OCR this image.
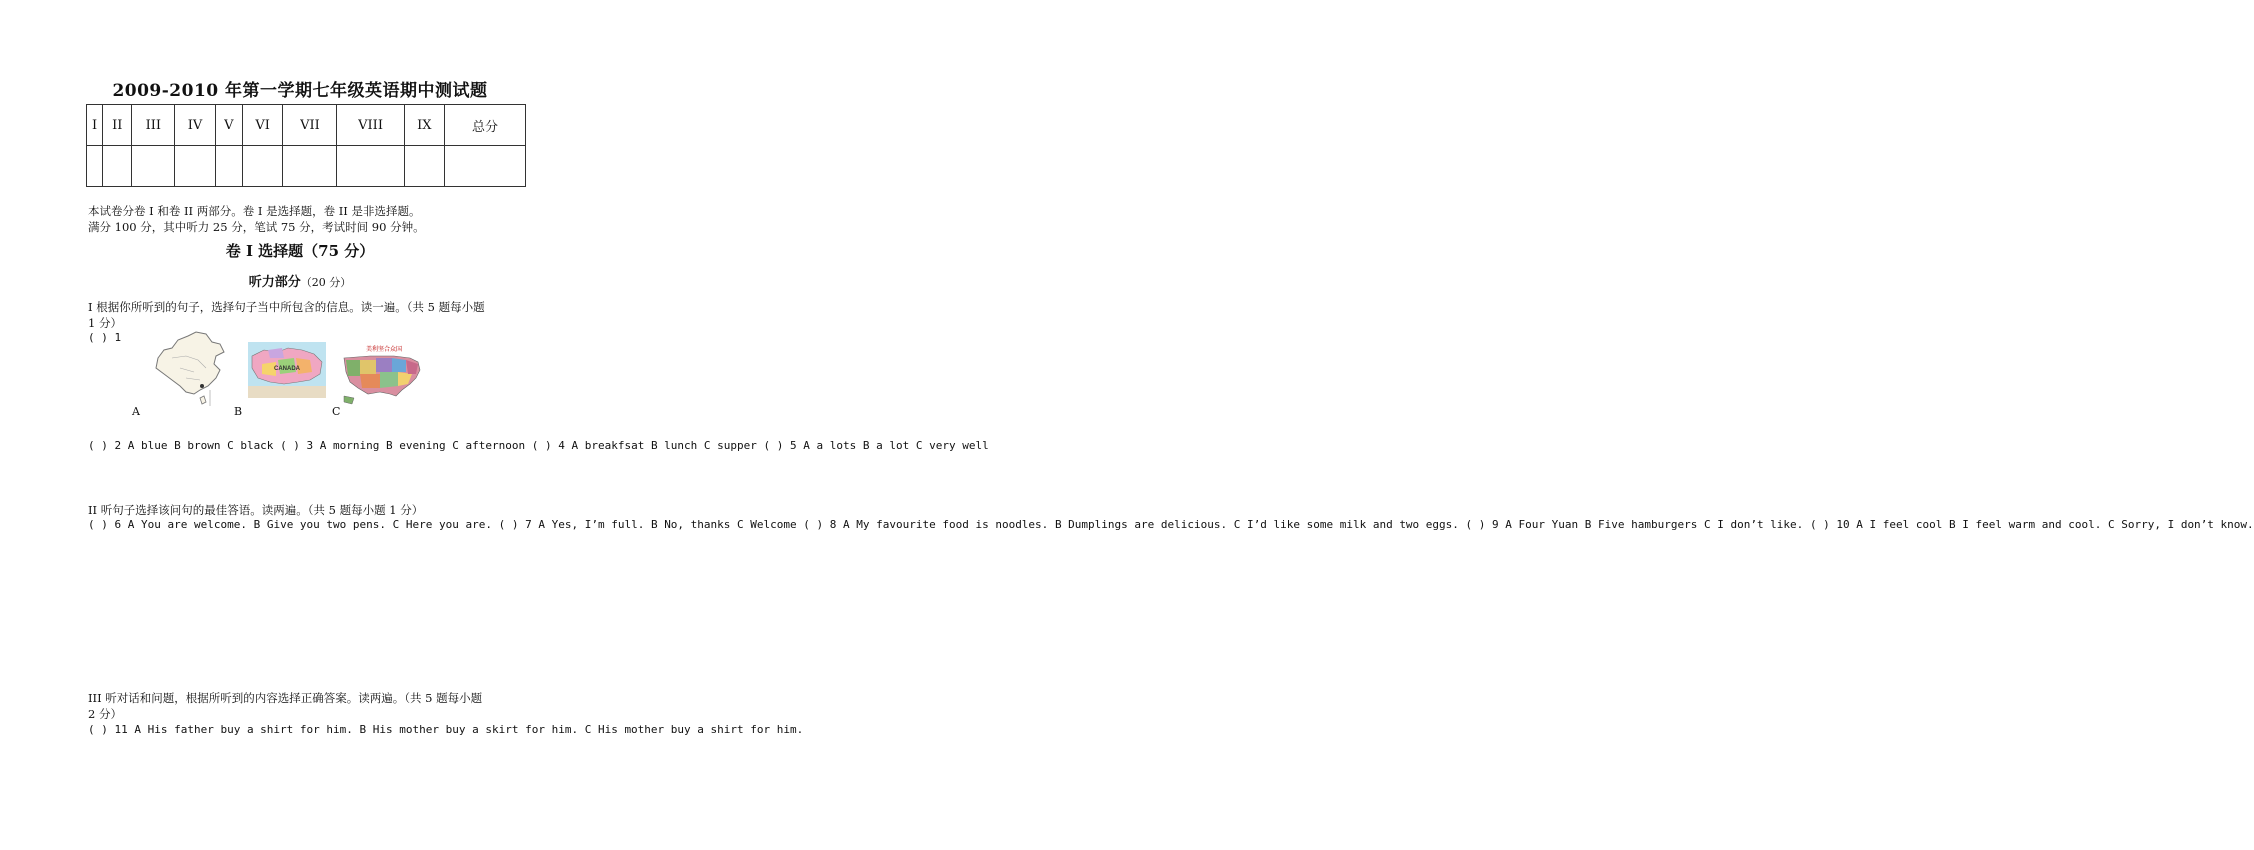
2009-2010 年第一学期七年级英语期中测试题
I	II	III	IV	V	VI	VII	VIII	IX	总分

本试卷分卷 I 和卷 II 两部分。卷 I 是选择题，卷 II 是非选择题。
满分 100 分，其中听力 25 分，笔试 75 分，考试时间 90 分钟。
卷 I 选择题（75 分）
听力部分（20 分）
I 根据你所听到的句子，选择句子当中所包含的信息。读一遍。（共 5 题每小题
1 分）
( ) 1
CANADA
美利坚合众国
A	B	C
( ) 2 A blue B brown C black ( ) 3 A morning B evening C afternoon ( ) 4 A breakfsat B lunch C supper ( ) 5 A a lots B a lot C very well
II 听句子选择该问句的最佳答语。读两遍。（共 5 题每小题 1 分）
( ) 6 A You are welcome. B Give you two pens. C Here you are. ( ) 7 A Yes, I’m full. B No, thanks C Welcome ( ) 8 A My favourite food is noodles. B Dumplings are delicious. C I’d like some milk and two eggs. ( ) 9 A Four Yuan B Five hamburgers C I don’t like. ( ) 10 A I feel cool B I feel warm and cool. C Sorry, I don’t know.
III 听对话和问题，根据所听到的内容选择正确答案。读两遍。（共 5 题每小题
2 分）
( ) 11 A His father buy a shirt for him. B His mother buy a skirt for him. C His mother buy a shirt for him.
